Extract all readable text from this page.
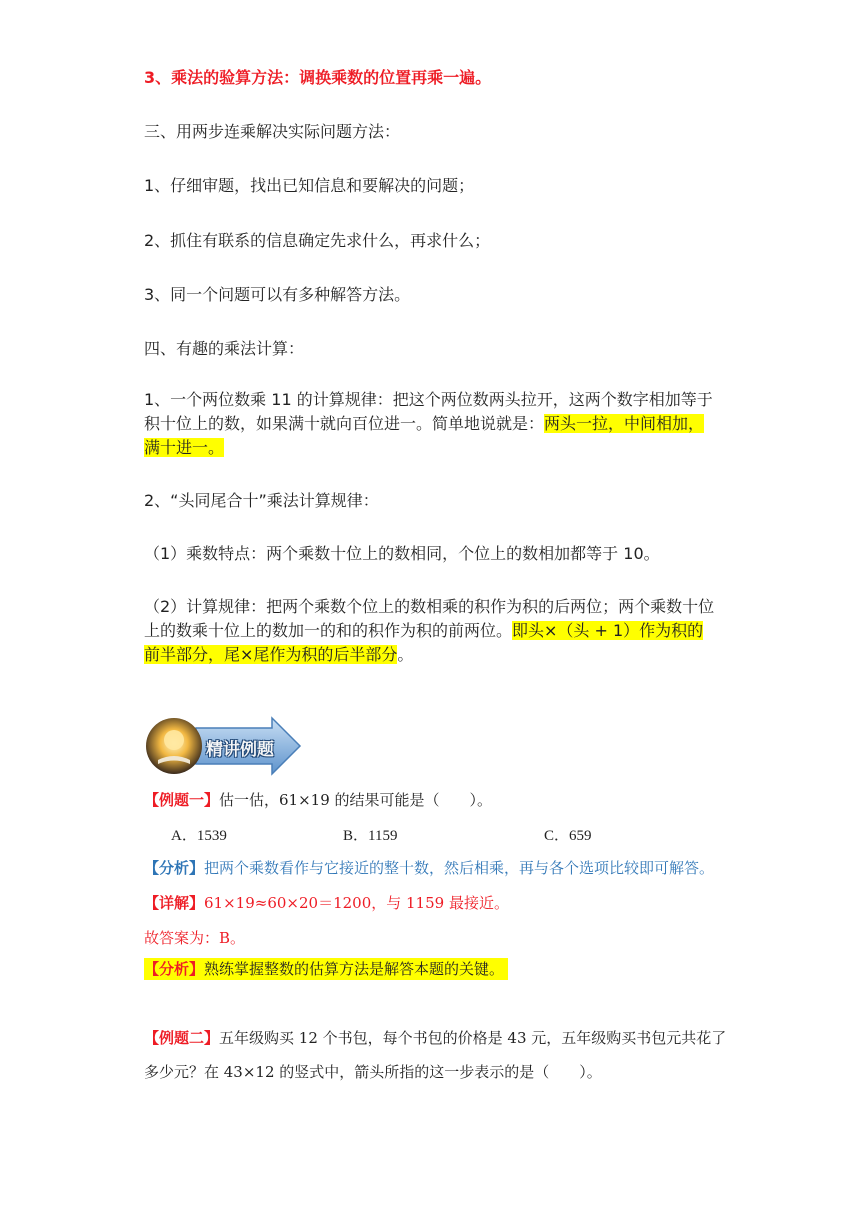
3、乘法的验算方法：调换乘数的位置再乘一遍。
三、用两步连乘解决实际问题方法：
1、仔细审题，找出已知信息和要解决的问题；
2、抓住有联系的信息确定先求什么，再求什么；
3、同一个问题可以有多种解答方法。
四、有趣的乘法计算：
1、一个两位数乘 11 的计算规律：把这个两位数两头拉开，这两个数字相加等于积十位上的数，如果满十就向百位进一。简单地说就是：两头一拉，中间相加，满十进一。
2、“头同尾合十”乘法计算规律：
（1）乘数特点：两个乘数十位上的数相同，个位上的数相加都等于 10。
（2）计算规律：把两个乘数个位上的数相乘的积作为积的后两位；两个乘数十位上的数乘十位上的数加一的和的积作为积的前两位。即头×（头 + 1）作为积的前半部分，尾×尾作为积的后半部分。
精讲例题
【例题一】估一估，61×19 的结果可能是（　　）。
A．1539	B．1159	C．659
【分析】把两个乘数看作与它接近的整十数，然后相乘，再与各个选项比较即可解答。
【详解】61×19≈60×20＝1200，与 1159 最接近。
故答案为：B。
【分析】熟练掌握整数的估算方法是解答本题的关键。
【例题二】五年级购买 12 个书包，每个书包的价格是 43 元，五年级购买书包元共花了
多少元？在 43×12 的竖式中，箭头所指的这一步表示的是（　　）。
